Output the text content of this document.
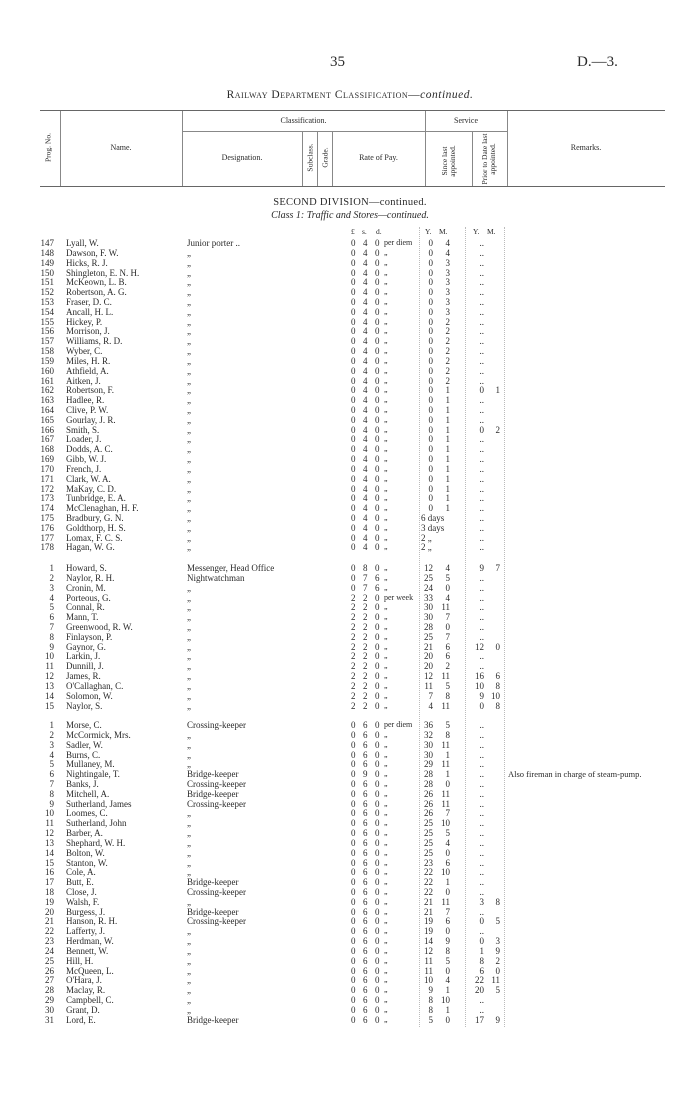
35	D.—3.
Railway Department Classification—continued.
Prog. No.	Name.
Classification.
Designation.	Subclass. Grade.	Rate of Pay.
Service
Since last appointed.	Prior to Date last appointed.	Remarks.
SECOND DIVISION—continued.
Class 1: Traffic and Stores—continued.
£ s. d.	Y. M.	Y. M.
147 Lyall, W.	Junior porter ..	0 4 0 per diem	0	4	..
148 Dawson, F. W.	„	0 4 0 „	0	4	..
149 Hicks, R. J.	„	0 4 0 „	0	3	..
150 Shingleton, E. N. H.	„	0 4 0 „	0	3	..
151 McKeown, L. B.	„	0 4 0 „	0	3	..
152 Robertson, A. G.	„	0 4 0 „	0	3	..
153 Fraser, D. C.	„	0 4 0 „	0	3	..
154 Ancall, H. L.	„	0 4 0 „	0	3	..
155 Hickey, P.	„	0 4 0 „	0	2	..
156 Morrison, J.	„	0 4 0 „	0	2	..
157 Williams, R. D.	„	0 4 0 „	0	2	..
158 Wyber, C.	„	0 4 0 „	0	2	..
159 Miles, H. R.	„	0 4 0 „	0	2	..
160 Athfield, A.	„	0 4 0 „	0	2	..
161 Aitken, J.	„	0 4 0 „	0	2	..
162 Robertson, F.	„	0 4 0 „	0	1	0	1
163 Hadlee, R.	„	0 4 0 „	0	1	..
164 Clive, P. W.	„	0 4 0 „	0	1	..
165 Gourlay, J. R.	„	0 4 0 „	0	1	..
166 Smith, S.	„	0 4 0 „	0	1	0	2
167 Loader, J.	„	0 4 0 „	0	1	..
168 Dodds, A. C.	„	0 4 0 „	0	1	..
169 Gibb, W. J.	„	0 4 0 „	0	1	..
170 French, J.	„	0 4 0 „	0	1	..
171 Clark, W. A.	„	0 4 0 „	0	1	..
172 MaKay, C. D.	„	0 4 0 „	0	1	..
173 Tunbridge, E. A.	„	0 4 0 „	0	1	..
174 McClenaghan, H. F.	„	0 4 0 „	0	1	..
175 Bradbury, G. N.	„	0 4 0 „	6 days	..
176 Goldthorp, H. S.	„	0 4 0 „	3 days	..
177 Lomax, F. C. S.	„	0 4 0 „	2 „	..
178 Hagan, W. G.	„	0 4 0 „	2 „	..
1 Howard, S.	Messenger, Head Office	0 8 0 „	12	4	9	7
2 Naylor, R. H.	Nightwatchman	0 7 6 „	25	5	..
3 Cronin, M.	„	0 7 6 „	24	0	..
4 Porteous, G.	„	2 2 0 per week	33	4	..
5 Connal, R.	„	2 2 0 „	30 11	..
6 Mann, T.	„	2 2 0 „	30	7	..
7 Greenwood, R. W.	„	2 2 0 „	28	0	..
8 Finlayson, P.	„	2 2 0 „	25	7	..
9 Gaynor, G.	„	2 2 0 „	21	6	12	0
10 Larkin, J.	„	2 2 0 „	20	6	..
11 Dunnill, J.	„	2 2 0 „	20	2	..
12 James, R.	„	2 2 0 „	12 11	16	6
13 O'Callaghan, C.	„	2 2 0 „	11	5	10	8
14 Solomon, W.	„	2 2 0 „	7	8	9 10
15 Naylor, S.	„	2 2 0 „	4 11	0	8
1 Morse, C.	Crossing-keeper	0 6 0 per diem	36	5	..
2 McCormick, Mrs.	„	0 6 0 „	32	8	..
3 Sadler, W.	„	0 6 0 „	30 11	..
4 Burns, C.	„	0 6 0 „	30	1	..
5 Mullaney, M.	„	0 6 0 „	29 11	..
6 Nightingale, T.	Bridge-keeper	0 9 0 „	28	1	..	Also fireman in charge of steam-pump.
7 Banks, J.	Crossing-keeper	0 6 0 „	28	0	..
8 Mitchell, A.	Bridge-keeper	0 6 0 „	26 11	..
9 Sutherland, James	Crossing-keeper	0 6 0 „	26 11	..
10 Loomes, C.	„	0 6 0 „	26	7	..
11 Sutherland, John	„	0 6 0 „	25 10	..
12 Barber, A.	„	0 6 0 „	25	5	..
13 Shephard, W. H.	„	0 6 0 „	25	4	..
14 Bolton, W.	„	0 6 0 „	25	0	..
15 Stanton, W.	„	0 6 0 „	23	6	..
16 Cole, A.	„	0 6 0 „	22 10	..
17 Butt, E.	Bridge-keeper	0 6 0 „	22	1	..
18 Close, J.	Crossing-keeper	0 6 0 „	22	0	..
19 Walsh, F.	„	0 6 0 „	21 11	3	8
20 Burgess, J.	Bridge-keeper	0 6 0 „	21	7	..
21 Hanson, R. H.	Crossing-keeper	0 6 0 „	19	6	0	5
22 Lafferty, J.	„	0 6 0 „	19	0	..
23 Herdman, W.	„	0 6 0 „	14	9	0	3
24 Bennett, W.	„	0 6 0 „	12	8	1	9
25 Hill, H.	„	0 6 0 „	11	5	8	2
26 McQueen, L.	„	0 6 0 „	11	0	6	0
27 O'Hara, J.	„	0 6 0 „	10	4	22 11
28 Maclay, R.	„	0 6 0 „	9	1	20	5
29 Campbell, C.	„	0 6 0 „	8 10	..
30 Grant, D.	„	0 6 0 „	8	1	..
31 Lord, E.	Bridge-keeper	0 6 0 „	5	0	17	9
